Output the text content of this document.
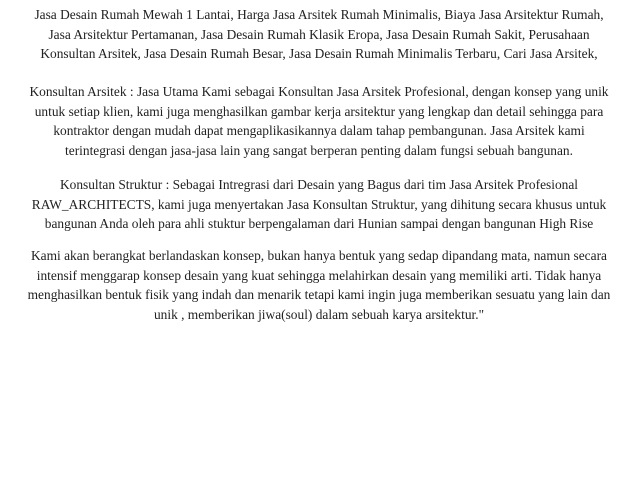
Jasa Desain Rumah Mewah 1 Lantai, Harga Jasa Arsitek Rumah Minimalis, Biaya Jasa Arsitektur Rumah,
Jasa Arsitektur Pertamanan, Jasa Desain Rumah Klasik Eropa, Jasa Desain Rumah Sakit, Perusahaan
Konsultan Arsitek, Jasa Desain Rumah Besar, Jasa Desain Rumah Minimalis Terbaru, Cari Jasa Arsitek,
Konsultan Arsitek : Jasa Utama Kami sebagai Konsultan Jasa Arsitek Profesional, dengan konsep yang unik
untuk setiap klien, kami juga menghasilkan gambar kerja arsitektur yang lengkap dan detail sehingga para
kontraktor dengan mudah dapat mengaplikasikannya dalam tahap pembangunan. Jasa Arsitek kami
terintegrasi dengan jasa-jasa lain yang sangat berperan penting dalam fungsi sebuah bangunan.
Konsultan Struktur : Sebagai Intregrasi dari Desain yang Bagus dari tim Jasa Arsitek Profesional
RAW_ARCHITECTS, kami juga menyertakan Jasa Konsultan Struktur, yang dihitung secara khusus untuk
bangunan Anda oleh para ahli stuktur berpengalaman dari Hunian sampai dengan bangunan High Rise
Kami akan berangkat berlandaskan konsep, bukan hanya bentuk yang sedap dipandang mata, namun secara
intensif menggarap konsep desain yang kuat sehingga melahirkan desain yang memiliki arti. Tidak hanya
menghasilkan bentuk fisik yang indah dan menarik tetapi kami ingin juga memberikan sesuatu yang lain dan
unik , memberikan jiwa(soul) dalam sebuah karya arsitektur."
